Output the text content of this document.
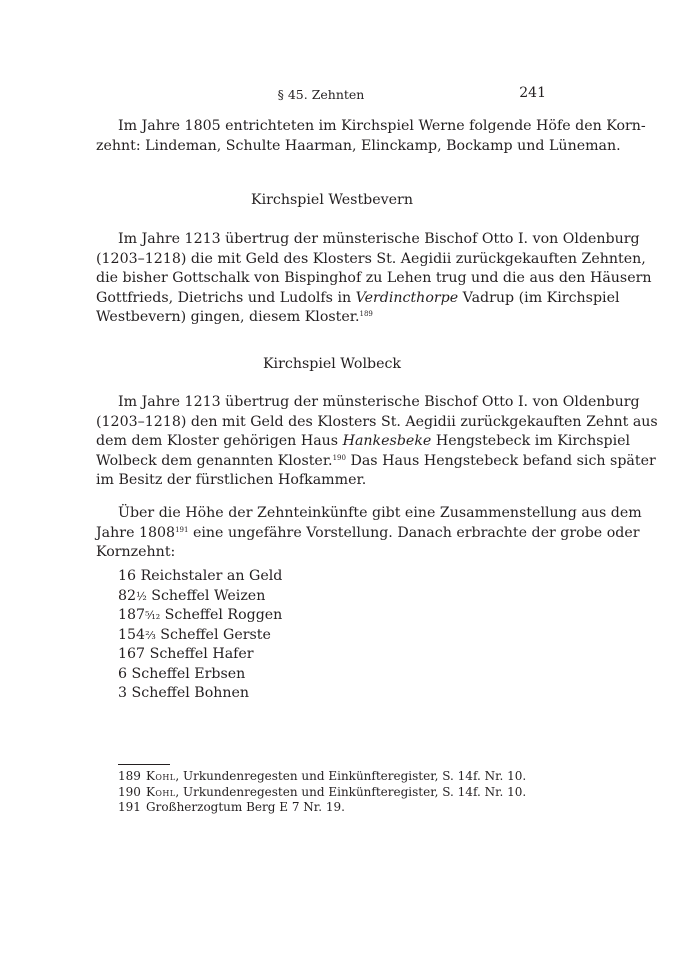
§ 45. Zehnten	241

Im Jahre 1805 entrichteten im Kirchspiel Werne folgende Höfe den Korn-
zehnt: Lindeman, Schulte Haarman, Elinckamp, Bockamp und Lüneman.

Kirchspiel Westbevern

Im Jahre 1213 übertrug der münsterische Bischof Otto I. von Oldenburg
(1203–1218) die mit Geld des Klosters St. Aegidii zurückgekauften Zehnten,
die bisher Gottschalk von Bispinghof zu Lehen trug und die aus den Häusern
Gottfrieds, Dietrichs und Ludolfs in Verdincthorpe Vadrup (im Kirchspiel
Westbevern) gingen, diesem Kloster.$^{189}$

Kirchspiel Wolbeck

Im Jahre 1213 übertrug der münsterische Bischof Otto I. von Oldenburg
(1203–1218) den mit Geld des Klosters St. Aegidii zurückgekauften Zehnt aus
dem dem Kloster gehörigen Haus Hankesbeke Hengstebeck im Kirchspiel
Wolbeck dem genannten Kloster.$^{190}$ Das Haus Hengstebeck befand sich später
im Besitz der fürstlichen Hofkammer.

Über die Höhe der Zehnteinkünfte gibt eine Zusammenstellung aus dem
Jahre 1808$^{191}$ eine ungefähre Vorstellung. Danach erbrachte der grobe oder
Kornzehnt:

16 Reichstaler an Geld
82½ Scheffel Weizen
187⁵⁄₁₂ Scheffel Roggen
154⅔ Scheffel Gerste
167 Scheffel Hafer
6 Scheffel Erbsen
3 Scheffel Bohnen
189 Kohl, Urkundenregesten und Einkünfteregister, S. 14f. Nr. 10.
190 Kohl, Urkundenregesten und Einkünfteregister, S. 14f. Nr. 10.
191 Großherzogtum Berg E 7 Nr. 19.
